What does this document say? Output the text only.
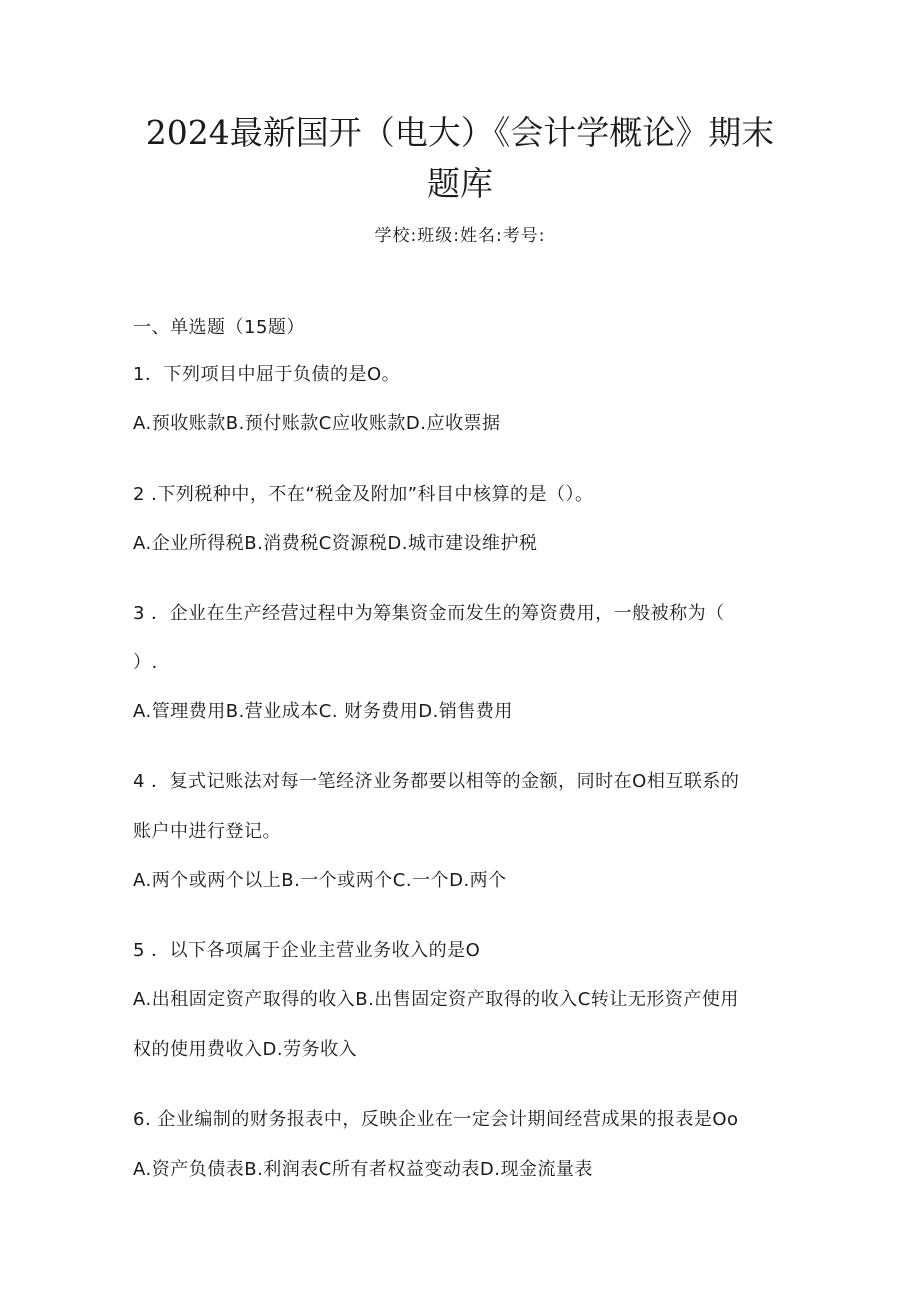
2024最新国开（电大）《会计学概论》期末
题库
学校:班级:姓名:考号:
一、单选题（15题）
1．下列项目中屈于负债的是O。
A.预收账款B.预付账款C应收账款D.应收票据
2 .下列税种中，不在“税金及附加”科目中核算的是（）。
A.企业所得税B.消费税C资源税D.城市建设维护税
3 ．企业在生产经营过程中为筹集资金而发生的筹资费用，一般被称为（
）.
A.管理费用B.营业成本C. 财务费用D.销售费用
4 ．复式记账法对每一笔经济业务都要以相等的金额，同时在O相互联系的
账户中进行登记。
A.两个或两个以上B.一个或两个C.一个D.两个
5 ．以下各项属于企业主营业务收入的是O
A.出租固定资产取得的收入B.出售固定资产取得的收入C转让无形资产使用
权的使用费收入D.劳务收入
6. 企业编制的财务报表中，反映企业在一定会计期间经营成果的报表是Oo
A.资产负债表B.利润表C所有者权益变动表D.现金流量表
